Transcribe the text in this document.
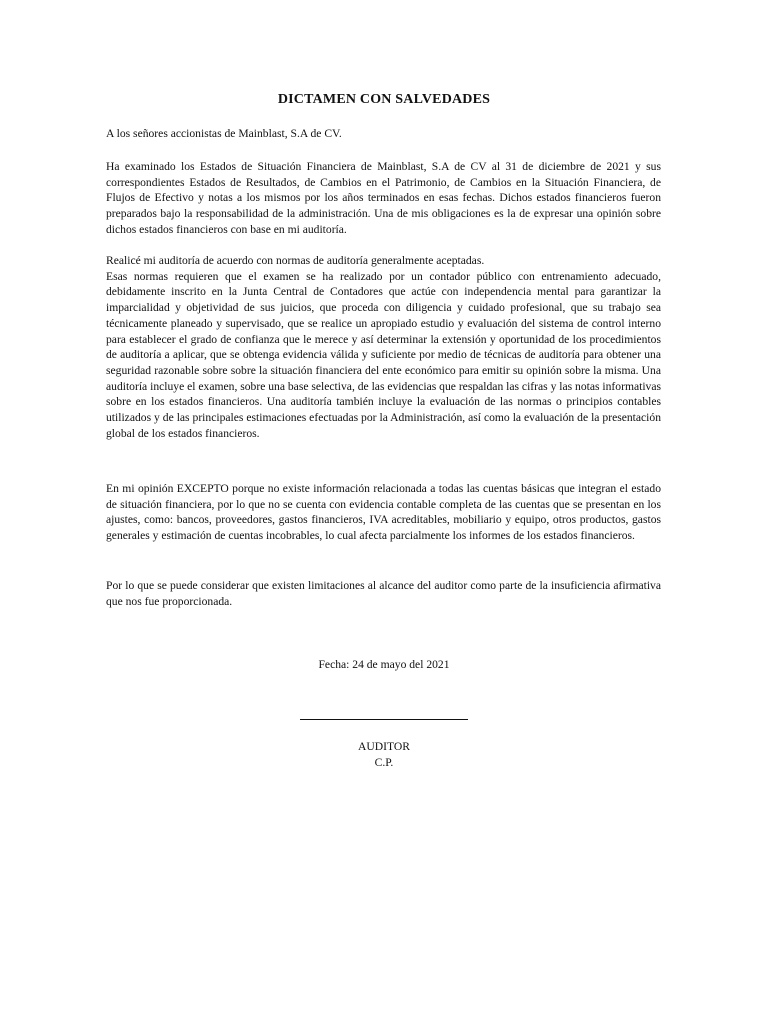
DICTAMEN CON SALVEDADES

A los señores accionistas de Mainblast, S.A de CV.

Ha examinado los Estados de Situación Financiera de Mainblast, S.A de CV al 31 de diciembre de 2021 y sus correspondientes Estados de Resultados, de Cambios en el Patrimonio, de Cambios en la Situación Financiera, de Flujos de Efectivo y notas a los mismos por los años terminados en esas fechas. Dichos estados financieros fueron preparados bajo la responsabilidad de la administración. Una de mis obligaciones es la de expresar una opinión sobre dichos estados financieros con base en mi auditoría.

Realicé mi auditoría de acuerdo con normas de auditoría generalmente aceptadas.

Esas normas requieren que el examen se ha realizado por un contador público con entrenamiento adecuado, debidamente inscrito en la Junta Central de Contadores que actúe con independencia mental para garantizar la imparcialidad y objetividad de sus juicios, que proceda con diligencia y cuidado profesional, que su trabajo sea técnicamente planeado y supervisado, que se realice un apropiado estudio y evaluación del sistema de control interno para establecer el grado de confianza que le merece y así determinar la extensión y oportunidad de los procedimientos de auditoría a aplicar, que se obtenga evidencia válida y suficiente por medio de técnicas de auditoría para obtener una seguridad razonable sobre sobre la situación financiera del ente económico para emitir su opinión sobre la misma. Una auditoría incluye el examen, sobre una base selectiva, de las evidencias que respaldan las cifras y las notas informativas sobre en los estados financieros. Una auditoría también incluye la evaluación de las normas o principios contables utilizados y de las principales estimaciones efectuadas por la Administración, así como la evaluación de la presentación global de los estados financieros.

En mi opinión EXCEPTO porque no existe información relacionada a todas las cuentas básicas que integran el estado de situación financiera, por lo que no se cuenta con evidencia contable completa de las cuentas que se presentan en los ajustes, como: bancos, proveedores, gastos financieros, IVA acreditables, mobiliario y equipo, otros productos, gastos generales y estimación de cuentas incobrables, lo cual afecta parcialmente los informes de los estados financieros.

Por lo que se puede considerar que existen limitaciones al alcance del auditor como parte de la insuficiencia afirmativa que nos fue proporcionada.

Fecha: 24 de mayo del 2021
AUDITOR
C.P.
